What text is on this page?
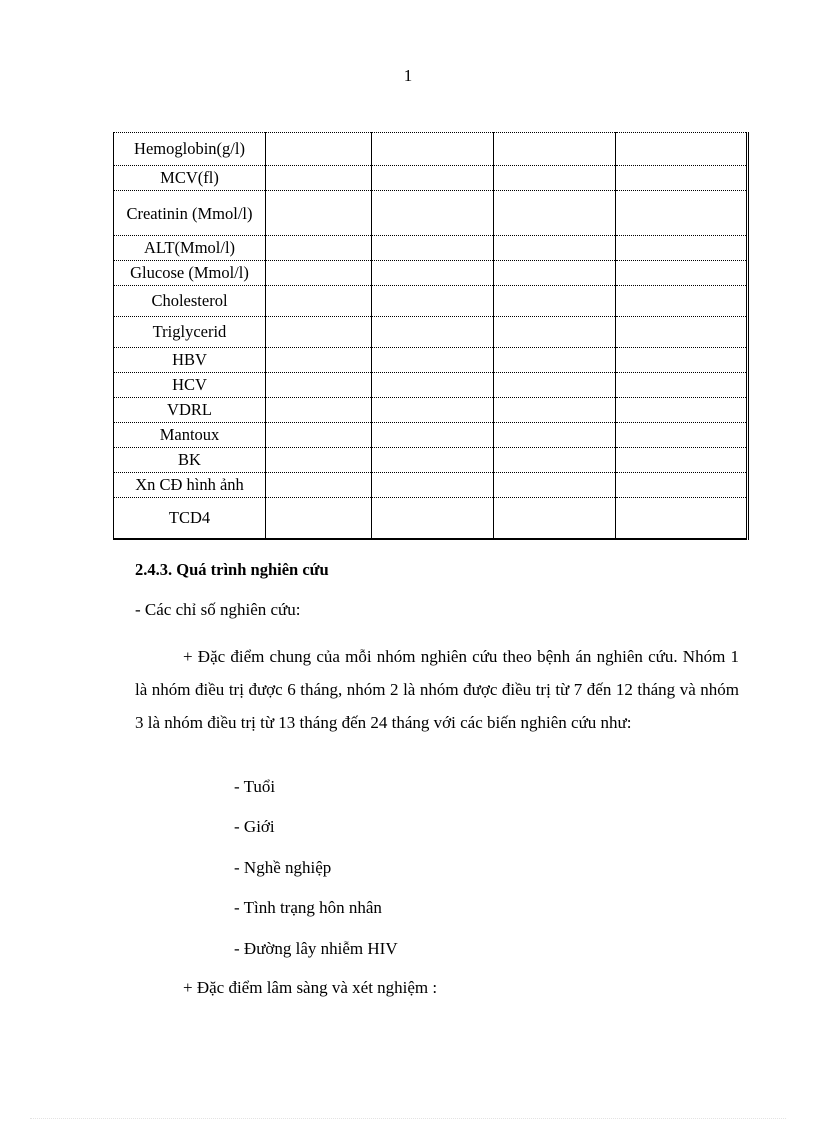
1
Hemoglobin(g/l)				
MCV(fl)				
Creatinin (Mmol/l)				
ALT(Mmol/l)				
Glucose (Mmol/l)				
Cholesterol				
Triglycerid				
HBV				
HCV				
VDRL				
Mantoux				
BK				
Xn CĐ hình ảnh				
TCD4				
2.4.3. Quá trình nghiên cứu
- Các chỉ số nghiên cứu:
+ Đặc điểm chung của mỗi nhóm nghiên cứu theo bệnh án nghiên cứu. Nhóm 1 là nhóm điều trị được 6 tháng, nhóm 2 là nhóm được điều trị từ 7 đến 12 tháng và nhóm 3 là nhóm điều trị từ 13 tháng đến 24 tháng với các biến nghiên cứu như:
- Tuổi
- Giới
- Nghề nghiệp
- Tình trạng hôn nhân
- Đường lây nhiễm HIV
+ Đặc điểm lâm sàng và xét nghiệm :
